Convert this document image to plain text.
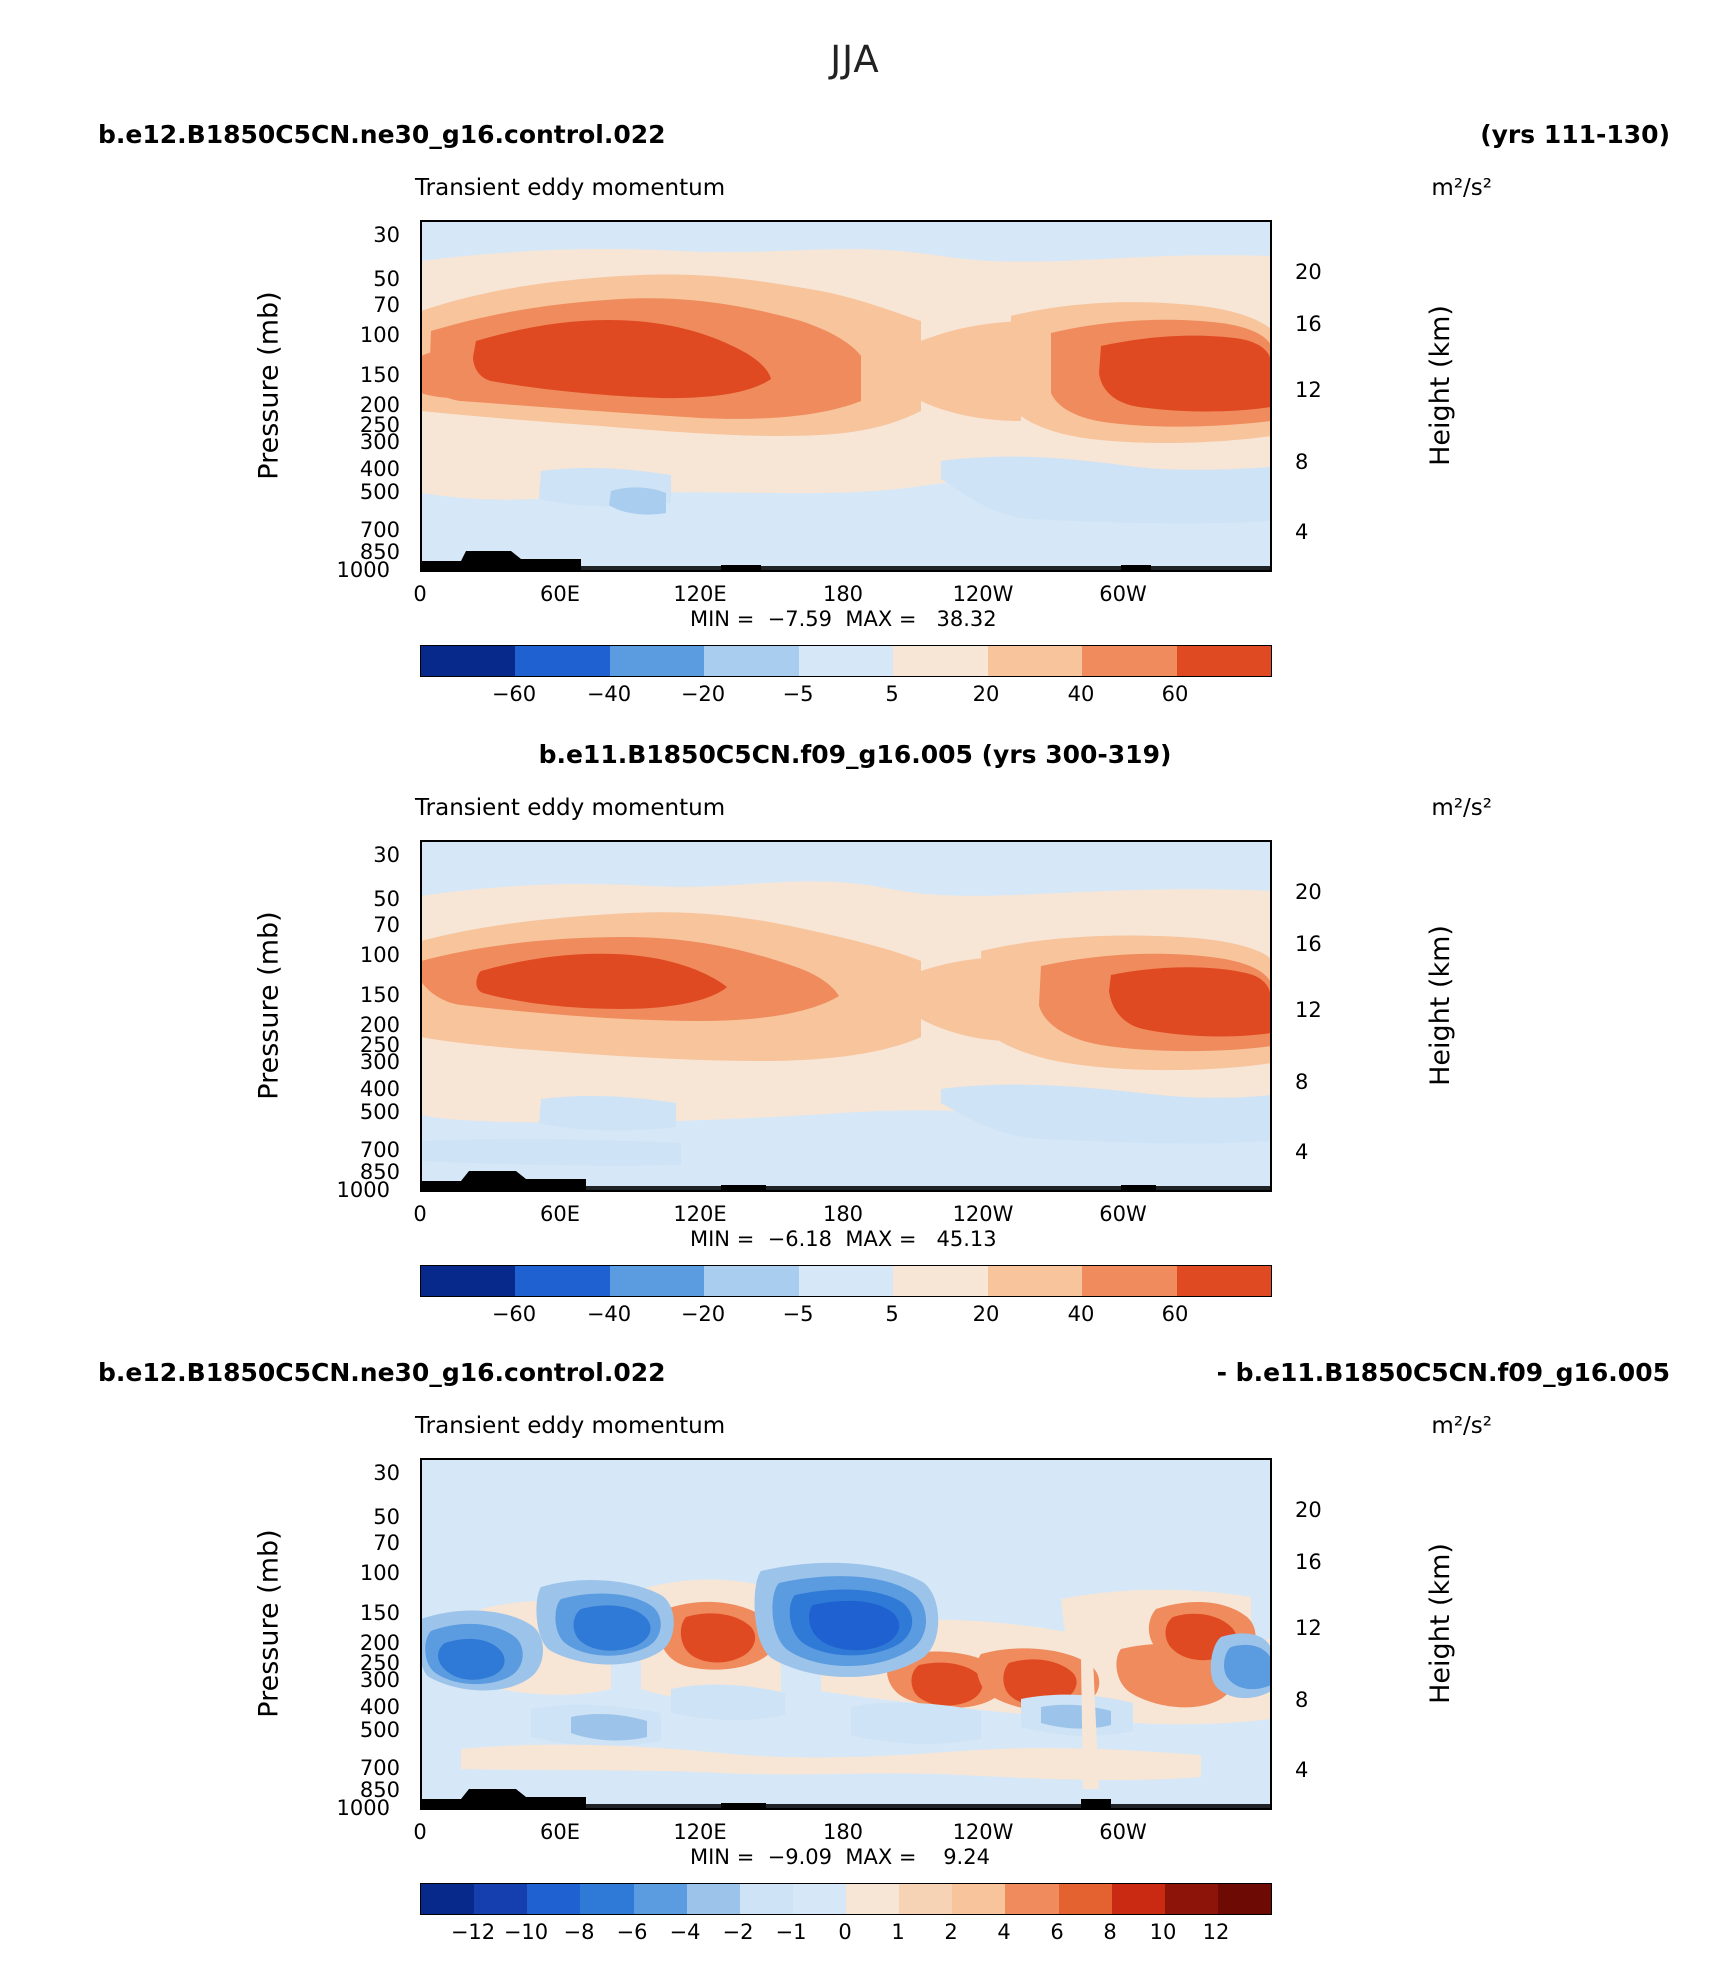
JJA
b.e12.B1850C5CN.ne30_g16.control.022	(yrs 111-130)
Transient eddy momentum	m²/s²
30
50
70
100
150
200
250
300
400
500
700
850
1000
20
16
12
8
4
Pressure (mb)	Height (km)
0	60E	120E	180	120W	60W
MIN =  −7.59  MAX =   38.32
−60 −40 −20	−5	5	20	40	60
b.e11.B1850C5CN.f09_g16.005 (yrs 300-319)
Transient eddy momentum	m²/s²
30
50
70
100
150
200
250
300
400
500
700
850
1000
20
16
12
8
4
Pressure (mb)	Height (km)
0	60E	120E	180	120W	60W
MIN =  −6.18  MAX =   45.13
−60 −40 −20	−5	5	20	40	60
b.e12.B1850C5CN.ne30_g16.control.022	- b.e11.B1850C5CN.f09_g16.005
Transient eddy momentum	m²/s²
30
50
70
100
150
200
250
300
400
500
700
850
1000
20
16
12
8
4
Pressure (mb)	Height (km)
0	60E	120E	180	120W	60W
MIN =  −9.09  MAX =    9.24
−12 −10 −8 −6 −4 −2 −1 0 1 2 4 6 8 10 12
